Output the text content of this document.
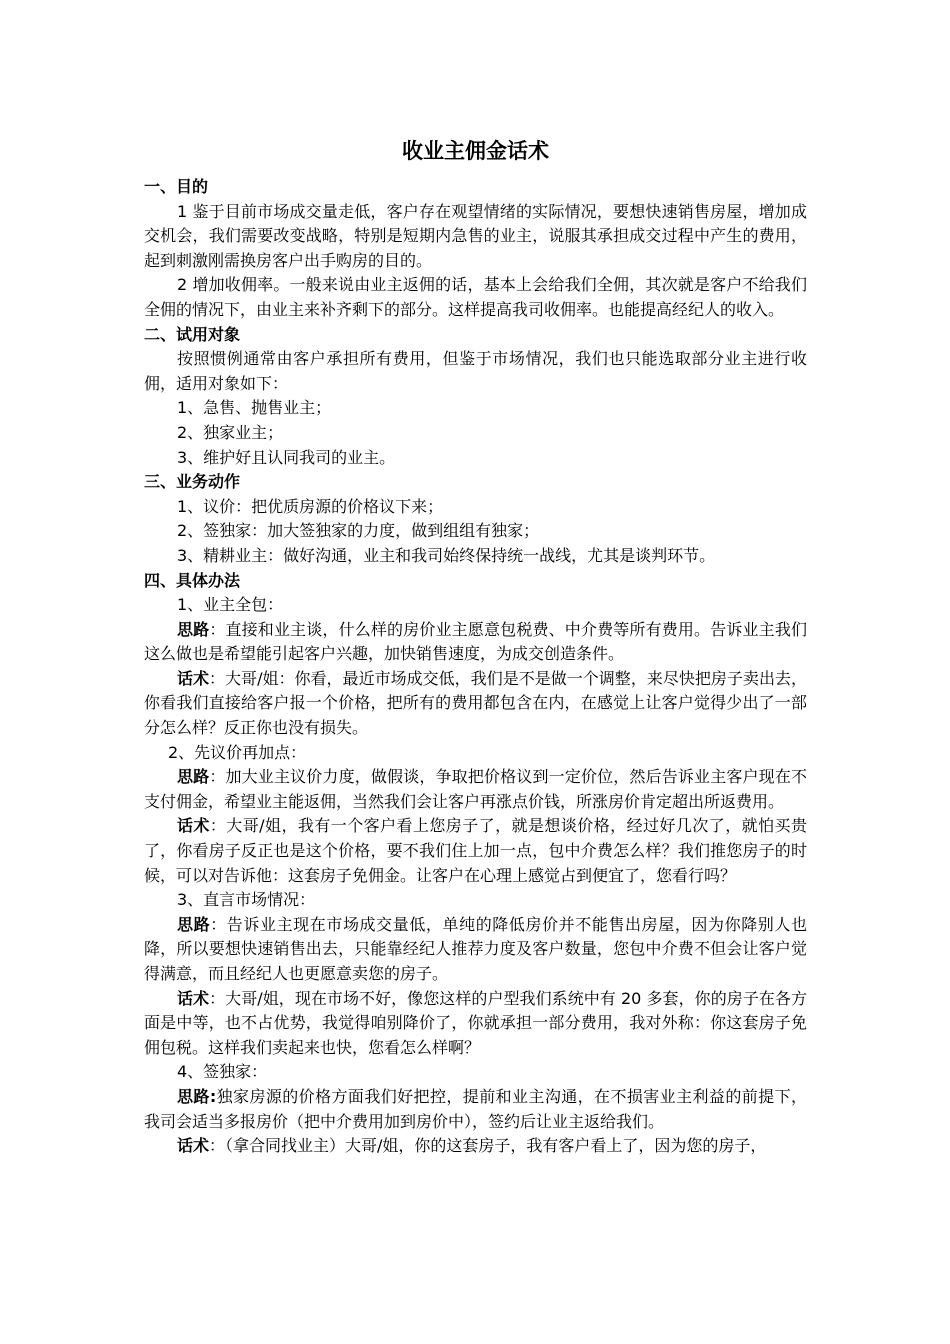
收业主佣金话术
一、目的

1 鉴于目前市场成交量走低，客户存在观望情绪的实际情况，要想快速销售房屋，增加成交机会，我们需要改变战略，特别是短期内急售的业主，说服其承担成交过程中产生的费用，起到刺激刚需换房客户出手购房的目的。

2 增加收佣率。一般来说由业主返佣的话，基本上会给我们全佣，其次就是客户不给我们全佣的情况下，由业主来补齐剩下的部分。这样提高我司收佣率。也能提高经纪人的收入。

二、试用对象

按照惯例通常由客户承担所有费用，但鉴于市场情况，我们也只能选取部分业主进行收佣，适用对象如下：

1、急售、抛售业主；
2、独家业主；
3、维护好且认同我司的业主。
三、业务动作
1、议价：把优质房源的价格议下来；
2、签独家：加大签独家的力度，做到组组有独家；
3、精耕业主：做好沟通，业主和我司始终保持统一战线，尤其是谈判环节。
四、具体办法
1、业主全包：

思路：直接和业主谈，什么样的房价业主愿意包税费、中介费等所有费用。告诉业主我们这么做也是希望能引起客户兴趣，加快销售速度，为成交创造条件。

话术：大哥/姐：你看，最近市场成交低，我们是不是做一个调整，来尽快把房子卖出去，你看我们直接给客户报一个价格，把所有的费用都包含在内，在感觉上让客户觉得少出了一部分怎么样？反正你也没有损失。

2、先议价再加点：

思路：加大业主议价力度，做假谈，争取把价格议到一定价位，然后告诉业主客户现在不支付佣金，希望业主能返佣，当然我们会让客户再涨点价钱，所涨房价肯定超出所返费用。

话术：大哥/姐，我有一个客户看上您房子了，就是想谈价格，经过好几次了，就怕买贵了，你看房子反正也是这个价格，要不我们住上加一点，包中介费怎么样？我们推您房子的时候，可以对告诉他：这套房子免佣金。让客户在心理上感觉占到便宜了，您看行吗？

3、直言市场情况：

思路：告诉业主现在市场成交量低，单纯的降低房价并不能售出房屋，因为你降别人也降，所以要想快速销售出去，只能靠经纪人推荐力度及客户数量，您包中介费不但会让客户觉得满意，而且经纪人也更愿意卖您的房子。

话术：大哥/姐，现在市场不好，像您这样的户型我们系统中有 20 多套，你的房子在各方面是中等，也不占优势，我觉得咱别降价了，你就承担一部分费用，我对外称：你这套房子免佣包税。这样我们卖起来也快，您看怎么样啊？

4、签独家：

思路:独家房源的价格方面我们好把控，提前和业主沟通，在不损害业主利益的前提下，我司会适当多报房价（把中介费用加到房价中），签约后让业主返给我们。

话术：（拿合同找业主）大哥/姐，你的这套房子，我有客户看上了，因为您的房子，
